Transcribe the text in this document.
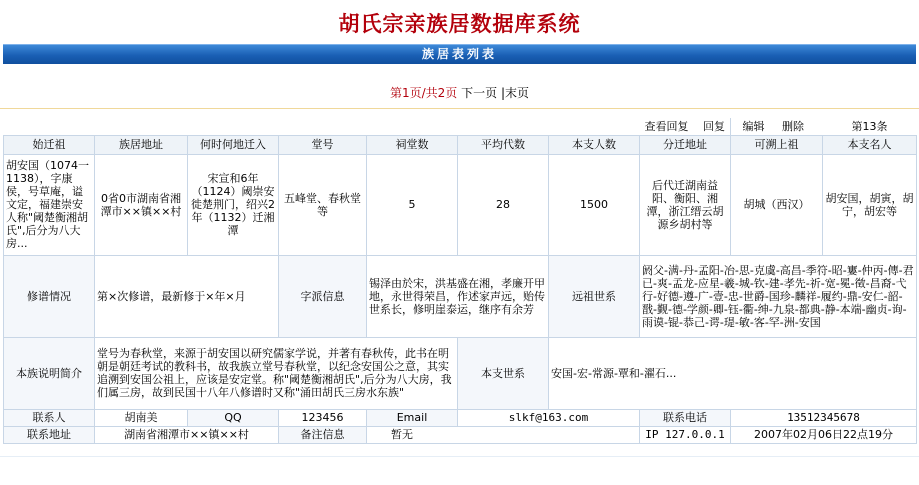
胡氏宗亲族居数据库系统
族居表列表
第1页/共2页 下一页 |末页

								查看回复 回复 编辑 删除 第13条	

始迁祖	族居地址	何时何地迁入	堂号	祠堂数	平均代数	本支人数	分迁地址	可溯上祖	本支名人
胡安国（1074一1138），字康侯，号草庵，谥文定，福建崇安人称"阈楚衡湘胡氏",后分为八大房...	0省0市湖南省湘潭市××镇××村	宋宣和6年（1124）阈崇安徙楚荆门，绍兴2年（1132）迁湘潭	五峰堂、春秋堂等	5	28	1500	后代迁湖南益阳、衡阳、湘潭，浙江缙云胡源乡胡村等	胡城（西汉）	胡安国，胡寅，胡宁，胡宏等
修谱情况	第×次修谱，最新修于×年×月		字派信息	锡泽由於宋，洪基盛在湘，孝廉开甲地，永世得荣昌，作述家声远，贻传世系长，修明崖泰运，继序有余芳		远祖世系	阏父-满-丹-孟阳-冶-思-克虞-高昌-季符-昭-寠-仲丙-傳-君已-爽-孟龙-应星-羲-城-钦-建-孝先-祈-宽-冕-徵-昌裔-弋行-好德-遵-广-壹-忠-世爵-国珍-麟祥-履约-鼎-安仁-韶-戬-觐-德-学颜-卿-钰-衢-绅-九泉-都典-静-本端-幽贞-询-雨谟-锟-恭己-谔-瑅-敏-客-罕-洲-安国		
本族说明简介	堂号为春秋堂，来源于胡安国以研究儒家学说，并著有春秋传，此书在明朝是朝廷考试的教科书，故我族立堂号春秋堂，以纪念安国公之意，其实追溯到安国公祖上，应该是安定堂。称"阈楚衡湘胡氏",后分为八大房，我们属三房，故到民国十八年八修谱时又称"涌田胡氏三房水东族"				本支世系	安国-宏-常源-覃和-濯石...			
联系人	胡南美	QQ	123456	Email	slkf@163.com		联系电话	13512345678	
联系地址	湖南省湘潭市××镇××村		备注信息	暂无			IP 127.0.0.1	2007年02月06日22点19分	
